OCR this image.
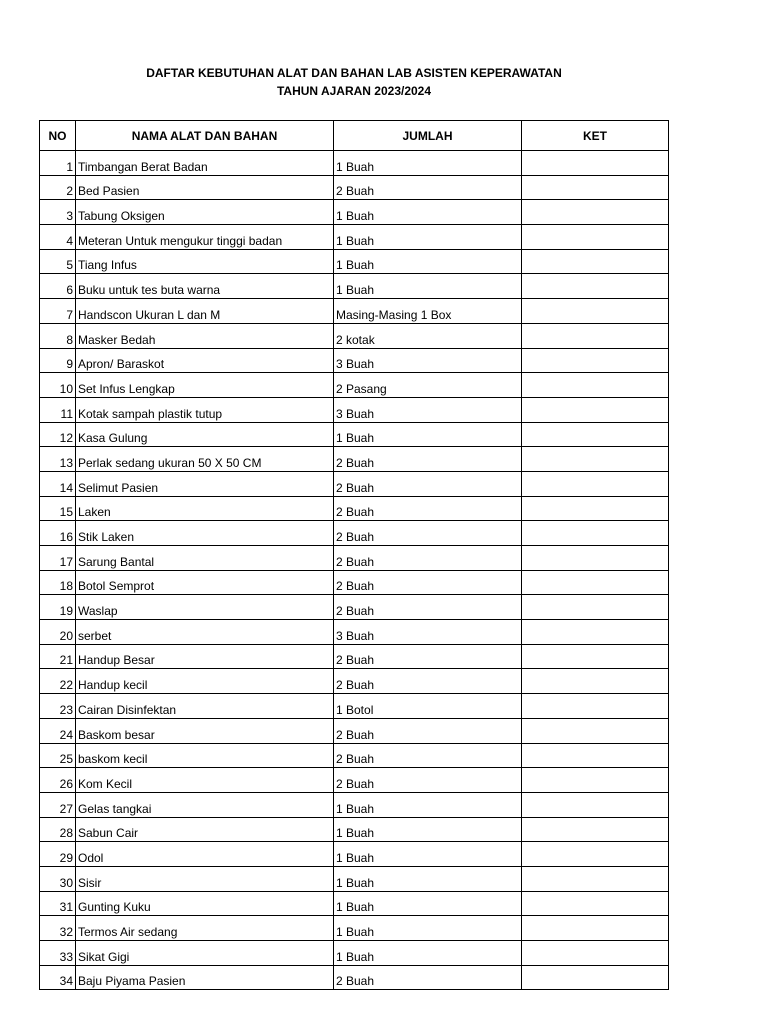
DAFTAR KEBUTUHAN ALAT DAN BAHAN LAB ASISTEN KEPERAWATAN
TAHUN AJARAN 2023/2024
NO	NAMA ALAT DAN BAHAN	JUMLAH	KET
1	Timbangan Berat Badan	1 Buah	
2	Bed Pasien	2 Buah	
3	Tabung Oksigen	1 Buah	
4	Meteran Untuk mengukur tinggi badan	1 Buah	
5	Tiang Infus	1 Buah	
6	Buku untuk tes buta warna	1 Buah	
7	Handscon Ukuran L dan M	Masing-Masing 1 Box	
8	Masker Bedah	2 kotak	
9	Apron/ Baraskot	3 Buah	
10	Set Infus Lengkap	2 Pasang	
11	Kotak sampah plastik tutup	3 Buah	
12	Kasa Gulung	1 Buah	
13	Perlak sedang ukuran 50 X 50 CM	2 Buah	
14	Selimut Pasien	2 Buah	
15	Laken	2 Buah	
16	Stik Laken	2 Buah	
17	Sarung Bantal	2 Buah	
18	Botol Semprot	2 Buah	
19	Waslap	2 Buah	
20	serbet	3 Buah	
21	Handup Besar	2 Buah	
22	Handup kecil	2 Buah	
23	Cairan Disinfektan	1 Botol	
24	Baskom besar	2 Buah	
25	baskom kecil	2 Buah	
26	Kom Kecil	2 Buah	
27	Gelas tangkai	1 Buah	
28	Sabun Cair	1 Buah	
29	Odol	1 Buah	
30	Sisir	1 Buah	
31	Gunting Kuku	1 Buah	
32	Termos Air sedang	1 Buah	
33	Sikat Gigi	1 Buah	
34	Baju Piyama Pasien	2 Buah	
